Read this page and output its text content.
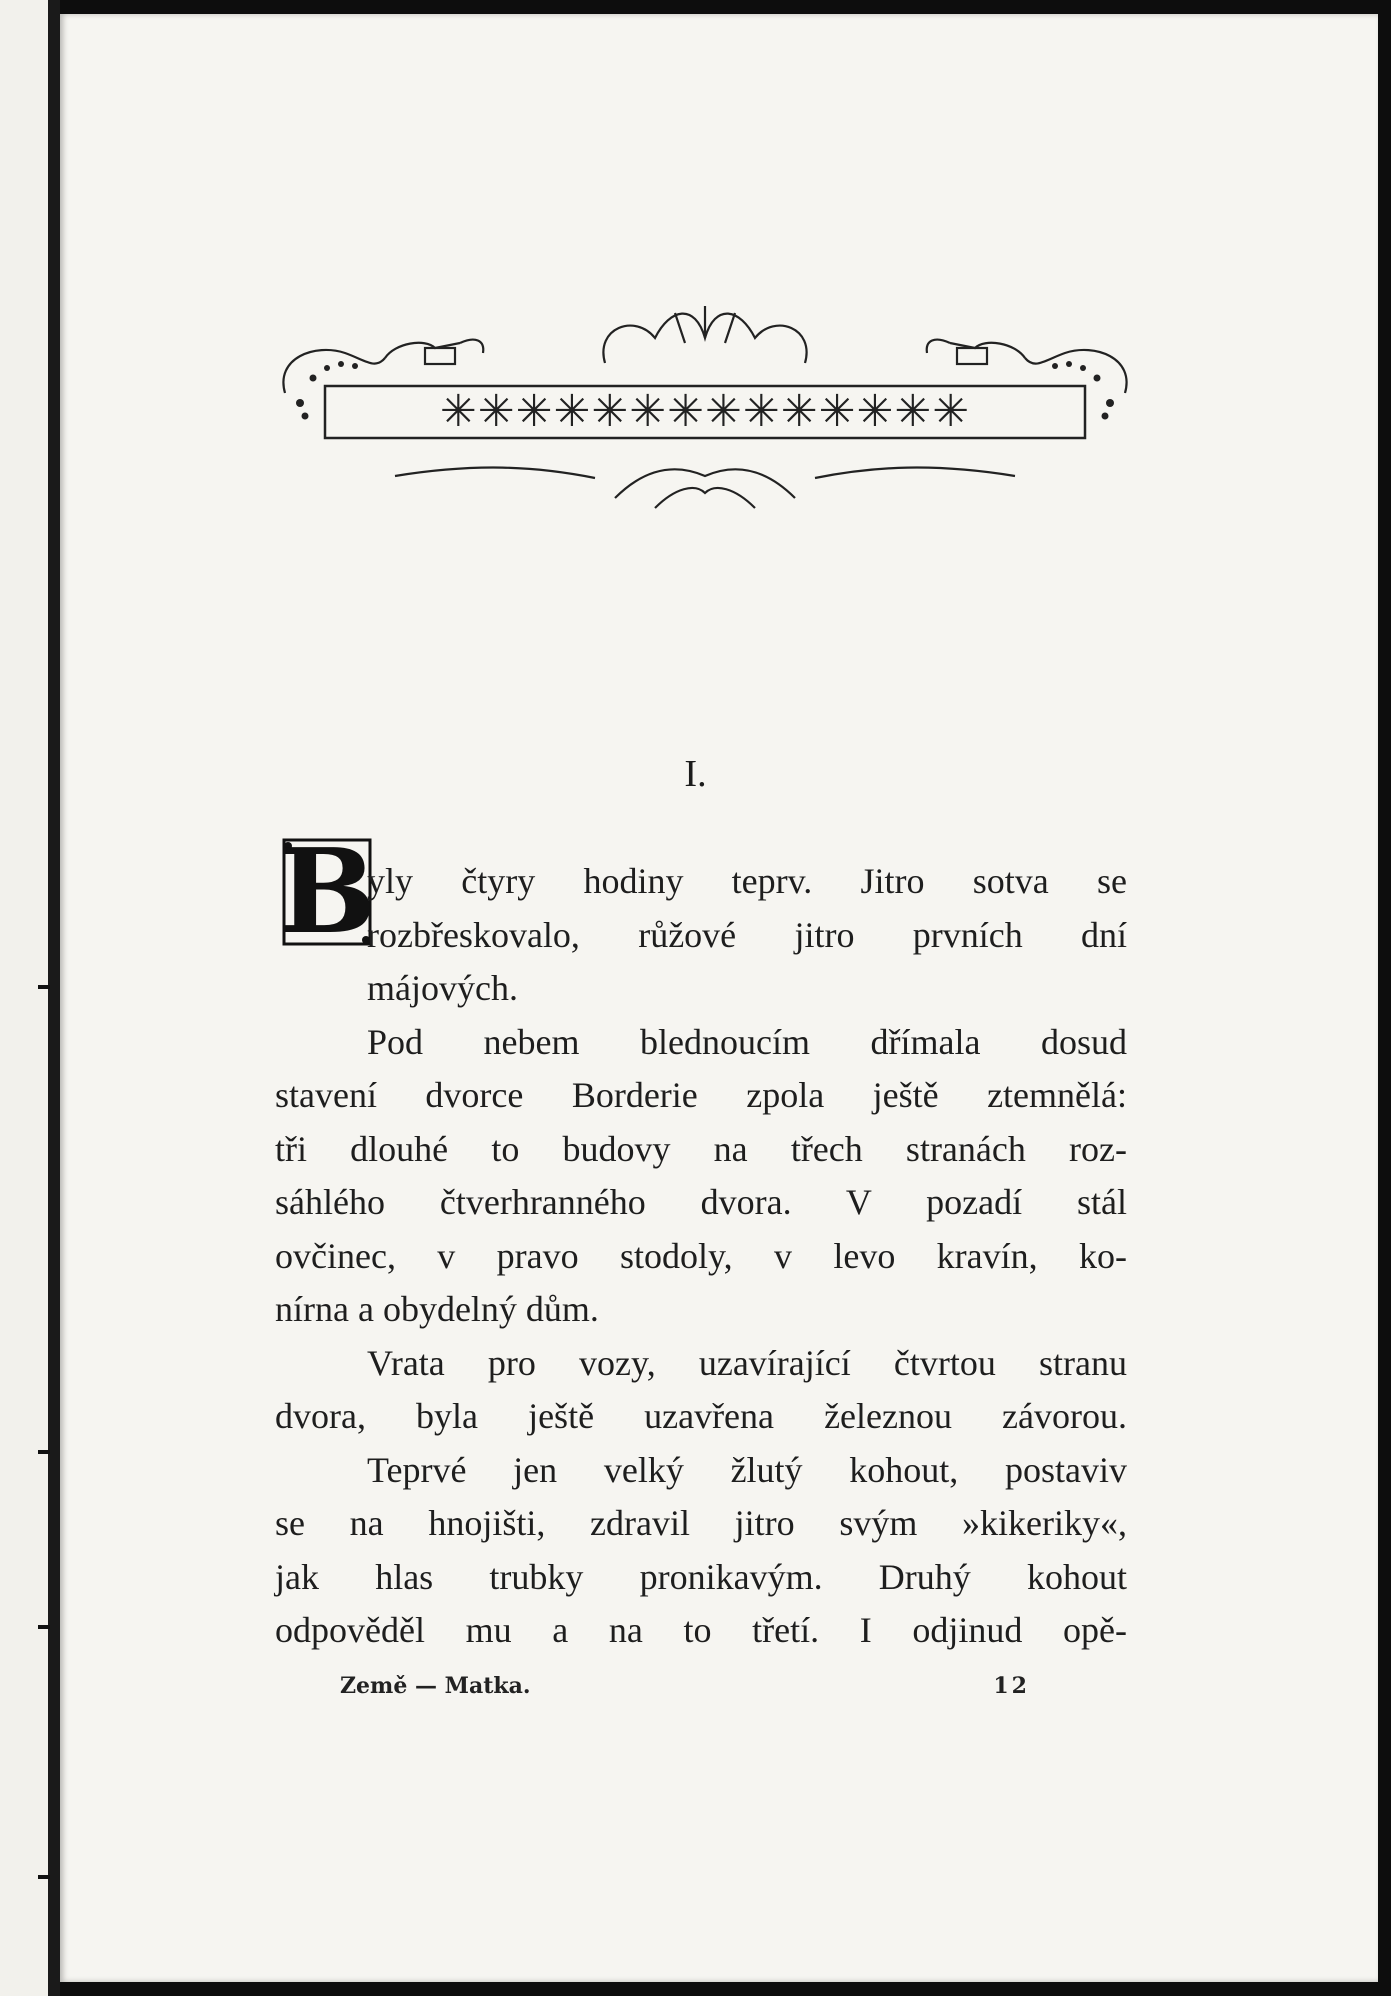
✳✳✳✳✳✳✳✳✳✳✳✳✳✳
I.
B
yly čtyry hodiny teprv. Jitro sotva se
rozbřeskovalo, růžové jitro prvních dní
májových.
Pod nebem blednoucím dřímala dosud
stavení dvorce Borderie zpola ještě ztemnělá:
tři dlouhé to budovy na třech stranách roz-
sáhlého čtverhranného dvora. V pozadí stál
ovčinec, v pravo stodoly, v levo kravín, ko-
nírna a obydelný dům.
Vrata pro vozy, uzavírající čtvrtou stranu
dvora, byla ještě uzavřena železnou závorou.
Teprvé jen velký žlutý kohout, postaviv
se na hnojišti, zdravil jitro svým »kikeriky«,
jak hlas trubky pronikavým. Druhý kohout
odpověděl mu a na to třetí. I odjinud opě-
Země — Matka.	12
